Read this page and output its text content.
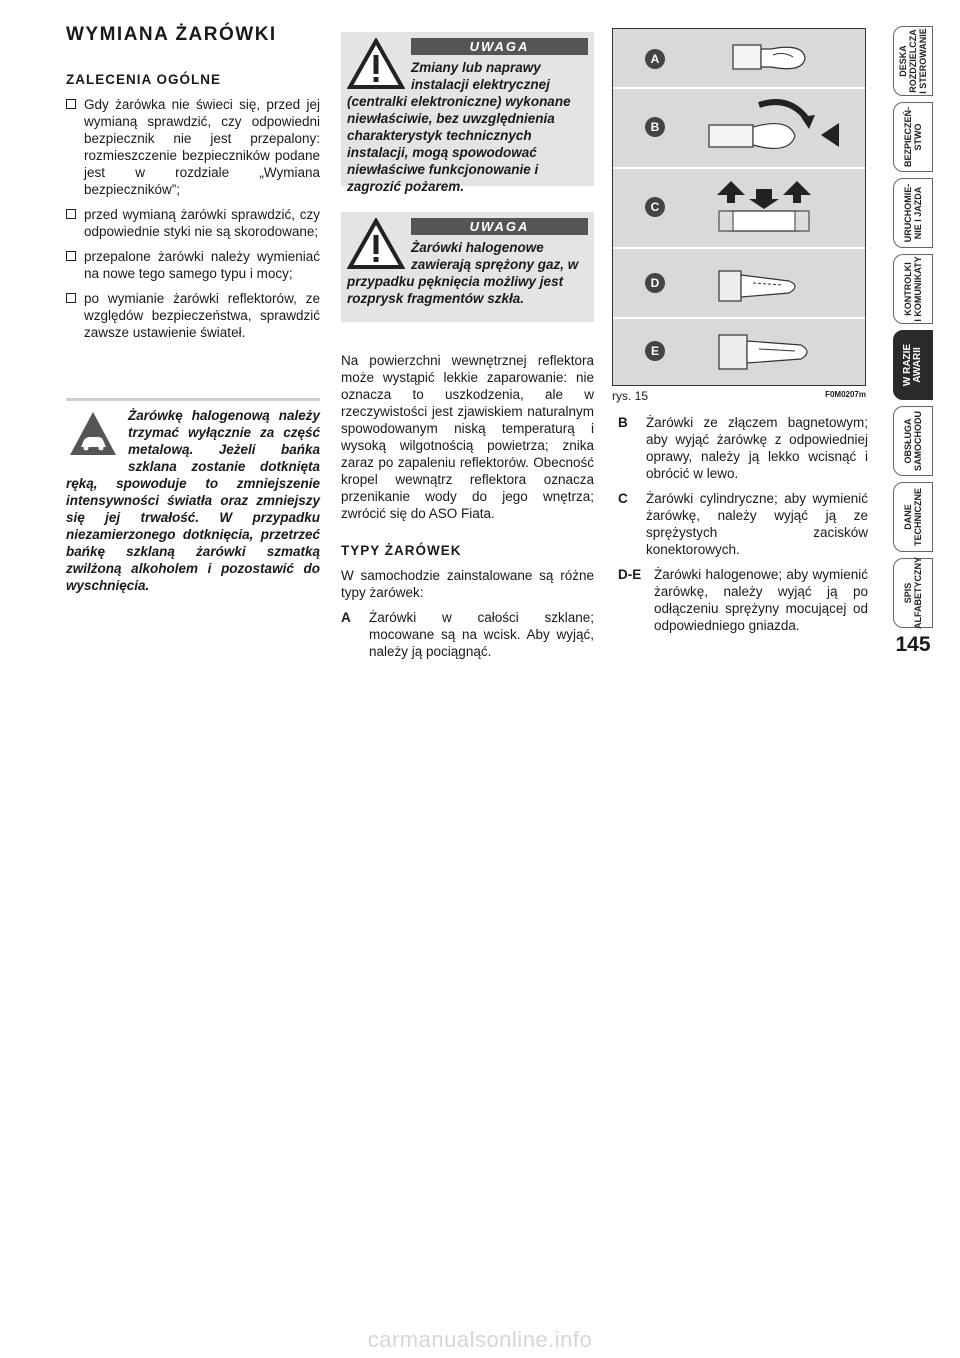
WYMIANA ŻARÓWKI
ZALECENIA OGÓLNE
Gdy żarówka nie świeci się, przed jej wymianą sprawdzić, czy odpowiedni bezpiecznik nie jest przepalony: rozmieszczenie bezpieczników podane jest w rozdziale „Wymiana bezpieczników”;
przed wymianą żarówki sprawdzić, czy odpowiednie styki nie są skorodowane;
przepalone żarówki należy wymieniać na nowe tego samego typu i mocy;
po wymianie żarówki reflektorów, ze względów bezpieczeństwa, sprawdzić zawsze ustawienie świateł.
Żarówkę halogenową należy trzymać wyłącznie za część metalową. Jeżeli bańka szklana zostanie dotknięta ręką, spowoduje to zmniejszenie intensywności światła oraz zmniejszy się jej trwałość. W przypadku niezamierzonego dotknięcia, przetrzeć bańkę szklaną żarówki szmatką zwilżoną alkoholem i pozostawić do wyschnięcia.
UWAGA
Zmiany lub naprawy instalacji elektrycznej (centralki elektroniczne) wykonane niewłaściwie, bez uwzględnienia charakterystyk technicznych instalacji, mogą spowodować niewłaściwe funkcjonowanie i zagrozić pożarem.
UWAGA
Żarówki halogenowe zawierają sprężony gaz, w przypadku pęknięcia możliwy jest rozprysk fragmentów szkła.

Na powierzchni wewnętrznej reflektora może wystąpić lekkie zaparowanie: nie oznacza to uszkodzenia, ale w rzeczywistości jest zjawiskiem naturalnym spowodowanym niską temperaturą i wysoką wilgotnością powietrza; znika zaraz po zapaleniu reflektorów. Obecność kropel wewnątrz reflektora oznacza przenikanie wody do jego wnętrza; zwrócić się do ASO Fiata.

TYPY ŻARÓWEK

W samochodzie zainstalowane są różne typy żarówek:

A	Żarówki w całości szklane; mocowane są na wcisk. Aby wyjąć, należy ją pociągnąć.
A
B
C
D
E
rys. 15	F0M0207m
B	Żarówki ze złączem bagnetowym; aby wyjąć żarówkę z odpowiedniej oprawy, należy ją lekko wcisnąć i obrócić w lewo.
C	Żarówki cylindryczne; aby wymienić żarówkę, należy wyjąć ją ze sprężystych zacisków konektorowych.
D-E Żarówki halogenowe; aby wymienić żarówkę, należy wyjąć ją po odłączeniu sprężyny mocującej od odpowiedniego gniazda.
DESKA
ROZDZIELCZA
I STEROWANIE
BEZPIECZEŃ-
STWO
URUCHOMIE-
NIE I JAZDA
KONTROLKI
I KOMUNIKATY
W RAZIE
AWARII
OBSŁUGA
SAMOCHODU
DANE
TECHNICZNE
SPIS
ALFABETYCZNY
145
carmanualsonline.info
